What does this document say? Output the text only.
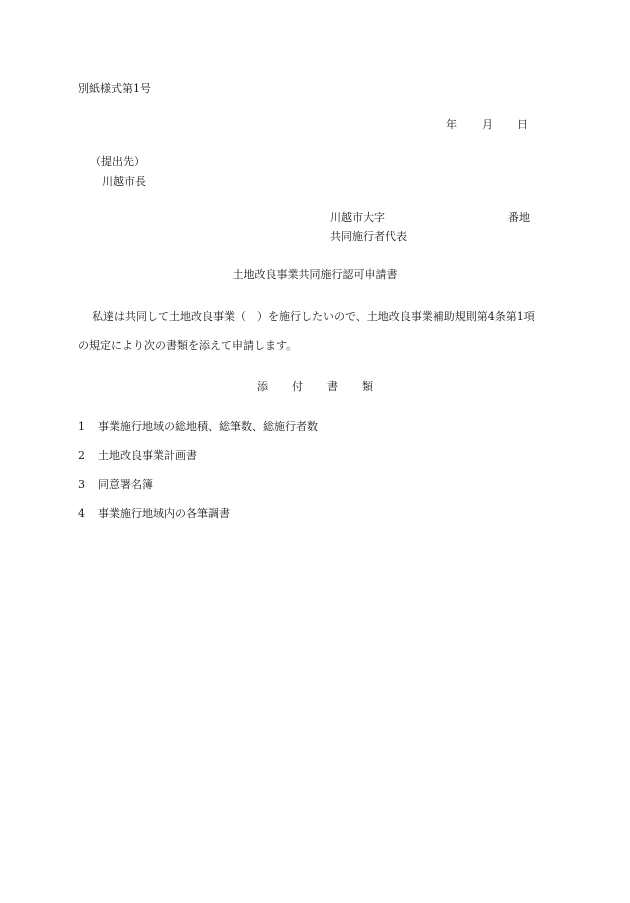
別紙様式第1号
年 月 日
（提出先）
川越市長
川越市大字	番地
共同施行者代表
土地改良事業共同施行認可申請書
私達は共同して土地改良事業（　）を施行したいので、土地改良事業補助規則第4条第1項
の規定により次の書類を添えて申請します。
添 付 書 類
1 事業施行地域の総地積、総筆数、総施行者数
2 土地改良事業計画書
3 同意署名簿
4 事業施行地域内の各筆調書
